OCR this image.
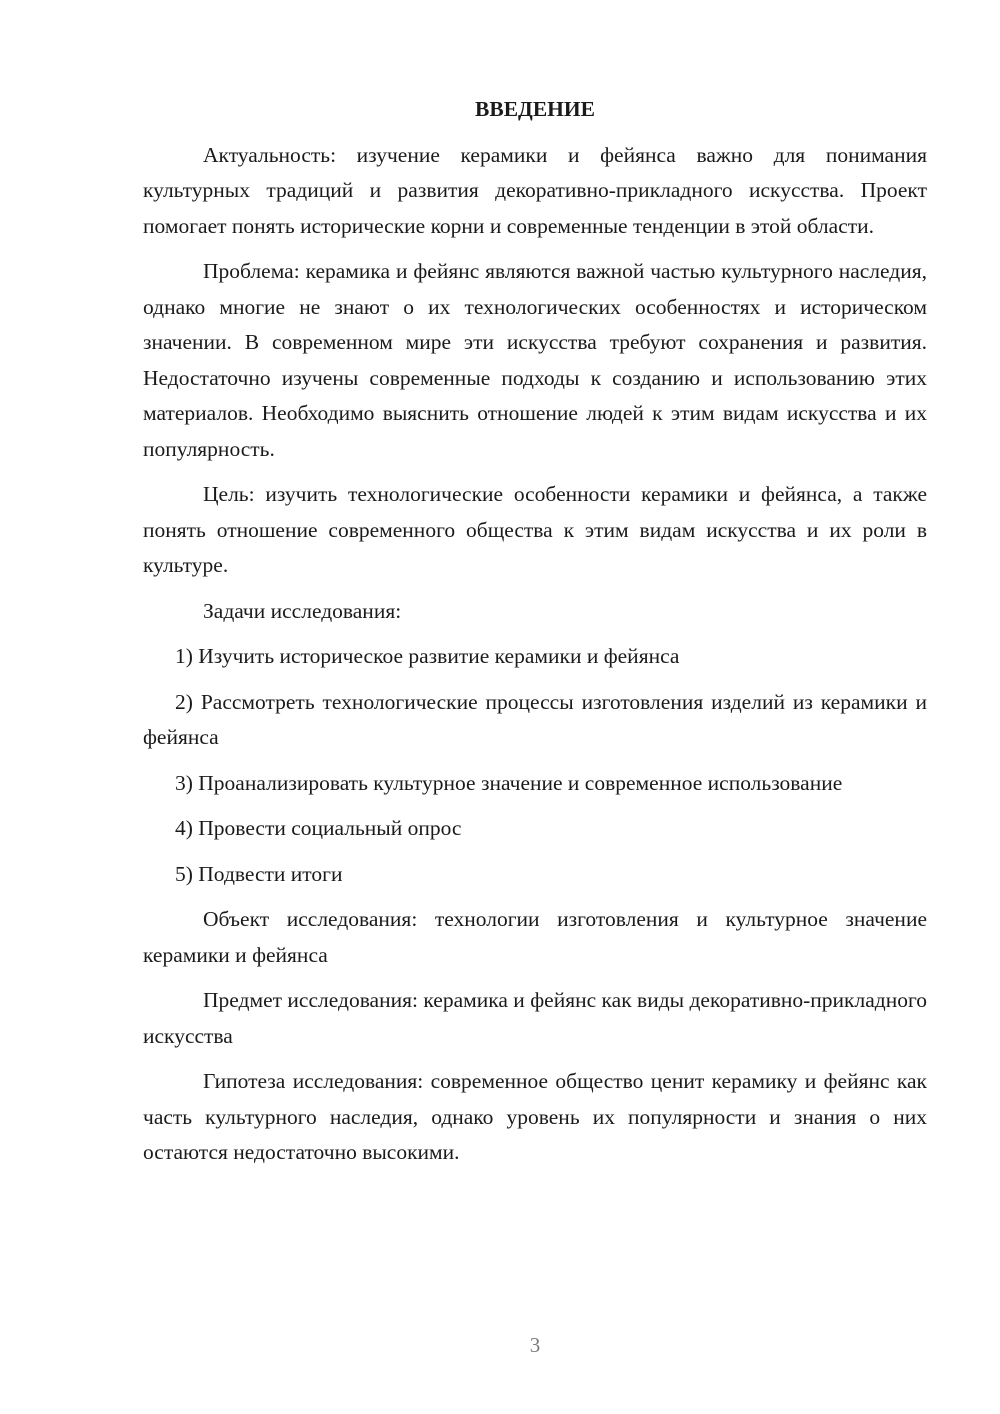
ВВЕДЕНИЕ

Актуальность: изучение керамики и фейянса важно для понимания культурных традиций и развития декоративно-прикладного искусства. Проект помогает понять исторические корни и современные тенденции в этой области.

Проблема: керамика и фейянс являются важной частью культурного наследия, однако многие не знают о их технологических особенностях и историческом значении. В современном мире эти искусства требуют сохранения и развития. Недостаточно изучены современные подходы к созданию и использованию этих материалов. Необходимо выяснить отношение людей к этим видам искусства и их популярность.

Цель: изучить технологические особенности керамики и фейянса, а также понять отношение современного общества к этим видам искусства и их роли в культуре.

Задачи исследования:

1) Изучить историческое развитие керамики и фейянса

2) Рассмотреть технологические процессы изготовления изделий из керамики и фейянса

3) Проанализировать культурное значение и современное использование

4) Провести социальный опрос

5) Подвести итоги

Объект исследования: технологии изготовления и культурное значение керамики и фейянса

Предмет исследования: керамика и фейянс как виды декоративно-прикладного искусства

Гипотеза исследования: современное общество ценит керамику и фейянс как часть культурного наследия, однако уровень их популярности и знания о них остаются недостаточно высокими.

3
